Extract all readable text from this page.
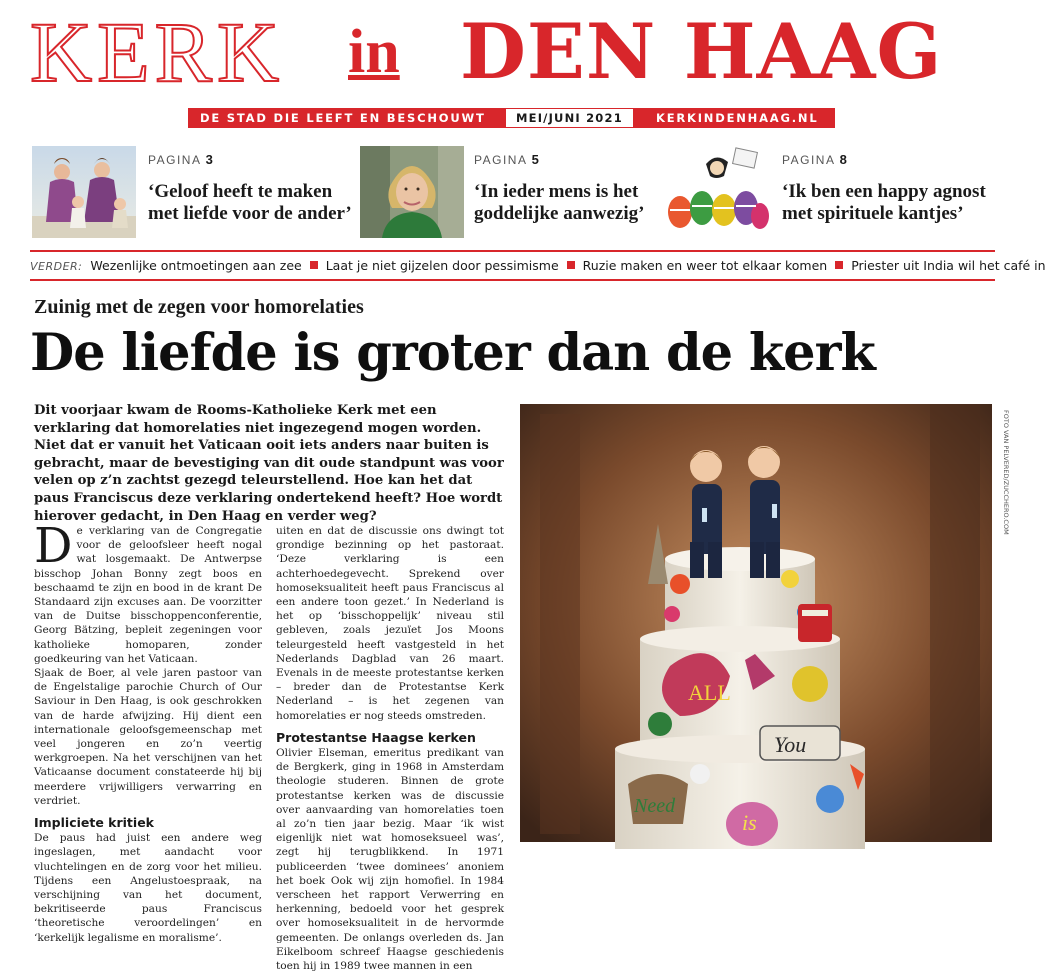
KERK in DEN HAAG
DE STAD DIE LEEFT EN BESCHOUWT	MEI/JUNI 2021	KERKINDENHAAG.NL
PAGINA 3
‘Geloof heeft te maken met liefde voor de ander’
PAGINA 5
‘In ieder mens is het goddelijke aanwezig’
PAGINA 8
‘Ik ben een happy agnost met spirituele kantjes’
VERDER: Wezenlijke ontmoetingen aan zee Laat je niet gijzelen door pessimisme Ruzie maken en weer tot elkaar komen Priester uit India wil het café in
Zuinig met de zegen voor homorelaties
De liefde is groter dan de kerk
Dit voorjaar kwam de Rooms-Katholieke Kerk met een verklaring dat homorelaties niet ingezegend mogen worden. Niet dat er vanuit het Vaticaan ooit iets anders naar buiten is gebracht, maar de bevestiging van dit oude standpunt was voor velen op z’n zachtst gezegd teleurstellend. Hoe kan het dat paus Franciscus deze verklaring ondertekend heeft? Hoe wordt hierover gedacht, in Den Haag en verder weg?
D e verklaring van de Congregatie voor de geloofsleer heeft nogal wat losgemaakt. De Antwerpse bisschop Johan Bonny zegt boos en beschaamd te zijn en bood in de krant De Standaard zijn excuses aan. De voorzitter van de Duitse bisschoppenconferentie, Georg Bätzing, bepleit zegeningen voor katholieke homoparen, zonder goedkeuring van het Vaticaan.

Sjaak de Boer, al vele jaren pastoor van de Engelstalige parochie Church of Our Saviour in Den Haag, is ook geschrokken van de harde afwijzing. Hij dient een internationale geloofsgemeenschap met veel jongeren en zo’n veertig werkgroepen. Na het verschijnen van het Vaticaanse document constateerde hij bij meerdere vrijwilligers verwarring en verdriet.

Impliciete kritiek

De paus had juist een andere weg ingeslagen, met aandacht voor vluchtelingen en de zorg voor het milieu. Tijdens een Angelustoespraak, na verschijning van het document, bekritiseerde paus Franciscus ‘theoretische veroordelingen’ en ‘kerkelijk legalisme en moralisme’.

uiten en dat de discussie ons dwingt tot grondige bezinning op het pastoraat. ‘Deze verklaring is een achterhoedegevecht. Sprekend over homoseksualiteit heeft paus Franciscus al een andere toon gezet.’ In Nederland is het op ‘bisschoppelijk’ niveau stil gebleven, zoals jezuïet Jos Moons teleurgesteld heeft vastgesteld in het Nederlands Dagblad van 26 maart. Evenals in de meeste protestantse kerken – breder dan de Protestantse Kerk Nederland – is het zegenen van homorelaties er nog steeds omstreden.

Protestantse Haagse kerken

Olivier Elseman, emeritus predikant van de Bergkerk, ging in 1968 in Amsterdam theologie studeren. Binnen de grote protestantse kerken was de discussie over aanvaarding van homorelaties toen al zo’n tien jaar bezig. Maar ‘ik wist eigenlijk niet wat homoseksueel was’, zegt hij terugblikkend. In 1971 publiceerden ‘twee dominees’ anoniem het boek Ook wij zijn homofiel. In 1984 verscheen het rapport Verwerring en herkenning, bedoeld voor het gesprek over homoseksualiteit in de hervormde gemeenten. De onlangs overleden ds. Jan Eikelboom schreef Haagse geschiedenis toen hij in 1989 twee mannen in een

ALL
You
Need
is
FOTO VAN PELVERED/ZUCCHERO.COM
